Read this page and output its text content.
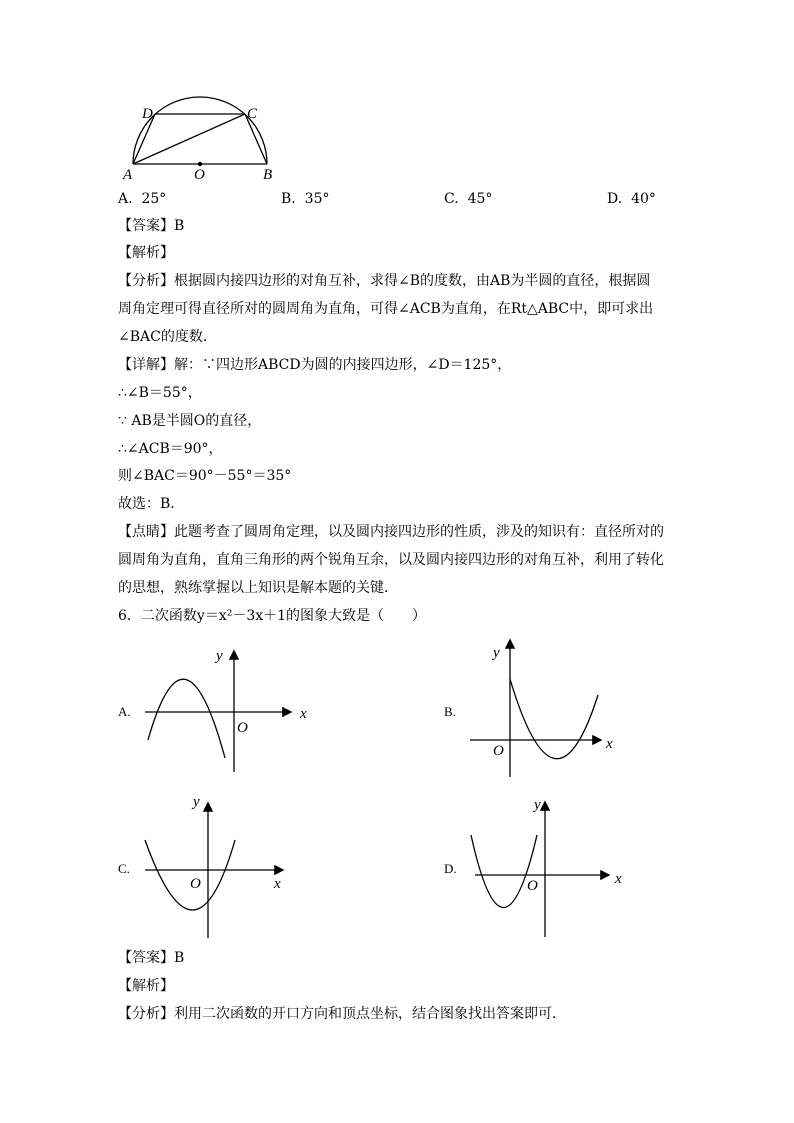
D	C
A	O	B
A. 25°	B. 35°	C. 45°	D. 40°
【答案】B
【解析】
【分析】根据圆内接四边形的对角互补，求得∠B的度数，由AB为半圆的直径，根据圆
周角定理可得直径所对的圆周角为直角，可得∠ACB为直角，在Rt△ABC中，即可求出
∠BAC的度数．
【详解】解：∵四边形ABCD为圆的内接四边形，∠D＝125°，
∴∠B＝55°，
∵ AB是半圆O的直径，
∴∠ACB＝90°，
则∠BAC＝90°－55°＝35°
故选：B．
【点睛】此题考查了圆周角定理，以及圆内接四边形的性质，涉及的知识有：直径所对的
圆周角为直角，直角三角形的两个锐角互余，以及圆内接四边形的对角互补，利用了转化
的思想，熟练掌握以上知识是解本题的关键．
6．二次函数y＝x²－3x＋1的图象大致是（　　）
A.
y
x
O
B.
y
x
O
C.
y
x
O
D.
y
x
O
【答案】B
【解析】
【分析】利用二次函数的开口方向和顶点坐标，结合图象找出答案即可．
